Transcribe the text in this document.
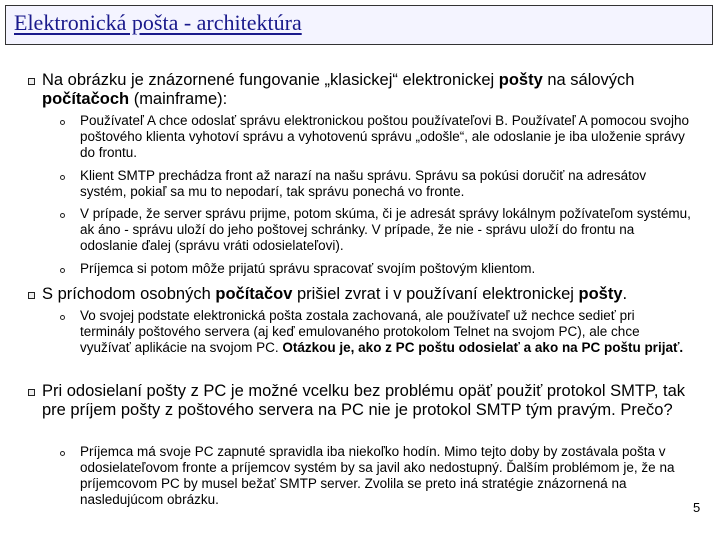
Elektronická pošta - architektúra
Na obrázku je znázornené fungovanie „klasickej“ elektronickej pošty na sálových počítačoch (mainframe):
Používateľ A chce odoslať správu elektronickou poštou používateľovi B. Používateľ A pomocou svojho poštového klienta vyhotoví správu a vyhotovenú správu „odošle“, ale odoslanie je iba uloženie správy do frontu.
Klient SMTP prechádza front až narazí na našu správu. Správu sa pokúsi doručiť na adresátov systém, pokiaľ sa mu to nepodarí, tak správu ponechá vo fronte.
V prípade, že server správu prijme, potom skúma, či je adresát správy lokálnym požívateľom systému, ak áno - správu uloží do jeho poštovej schránky. V prípade, že nie - správu uloží do frontu na odoslanie ďalej (správu vráti odosielateľovi).
Príjemca si potom môže prijatú správu spracovať svojím poštovým klientom.
S príchodom osobných počítačov prišiel zvrat i v používaní elektronickej pošty.
Vo svojej podstate elektronická pošta zostala zachovaná, ale používateľ už nechce sedieť pri terminály poštového servera (aj keď emulovaného protokolom Telnet na svojom PC), ale chce využívať aplikácie na svojom PC. Otázkou je, ako z PC poštu odosielať a ako na PC poštu prijať.
Pri odosielaní pošty z PC je možné vcelku bez problému opäť použiť protokol SMTP, tak pre príjem pošty z poštového servera na PC nie je protokol SMTP tým pravým. Prečo?
Príjemca má svoje PC zapnuté spravidla iba niekoľko hodín. Mimo tejto doby by zostávala pošta v odosielateľovom fronte a príjemcov systém by sa javil ako nedostupný. Ďalším problémom je, že na príjemcovom PC by musel bežať SMTP server. Zvolila se preto iná stratégie znázornená na nasledujúcom obrázku.
5
